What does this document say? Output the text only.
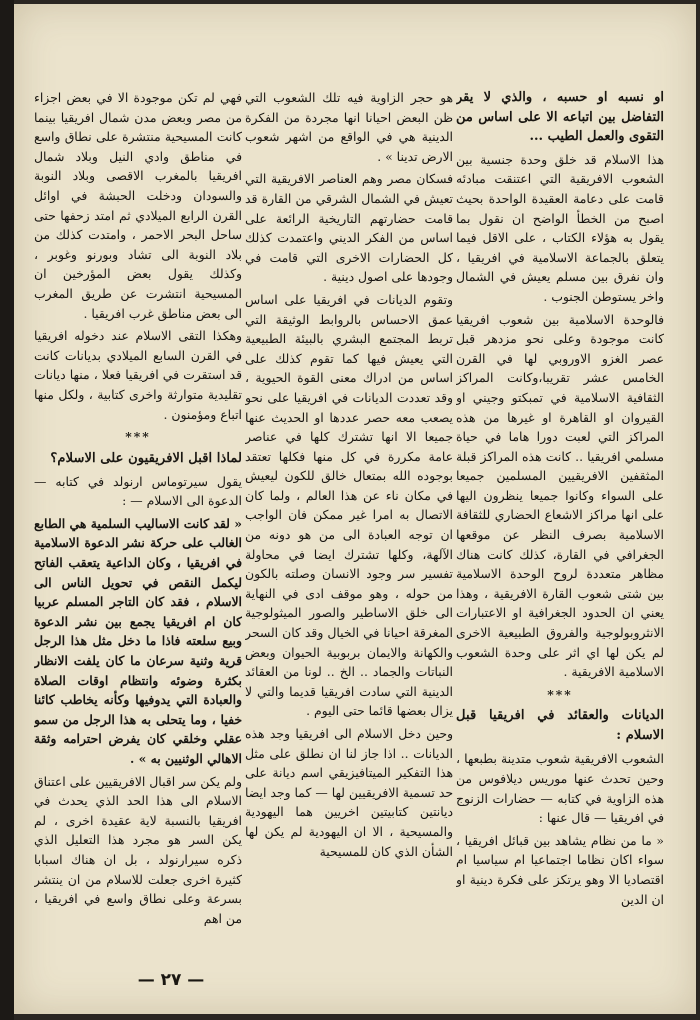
او نسبه او حسبه ، والذي لا يقر التفاضل بين اتباعه الا على اساس من التقوى والعمل الطيب ...

هذا الاسلام قد خلق وحدة جنسية بين الشعوب الافريقية التي اعتنقت مبادئه قامت على دعامة العقيدة الواحدة بحيث اصبح من الخطأ الواضح ان نقول بما يقول به هؤلاء الكتاب ، على الاقل فيما يتعلق بالجماعة الاسلامية في افريقيا ، وان نفرق بين مسلم يعيش في الشمال واخر يستوطن الجنوب .

فالوحدة الاسلامية بين شعوب افريقيا كانت موجودة وعلى نحو مزدهر قبل عصر الغزو الاوروبي لها في القرن الخامس عشر تقريبا،وكانت المراكز الثقافية الاسلامية في تمبكتو وجيني او القيروان او القاهرة او غيرها من هذه المراكز التي لعبت دورا هاما في حياة مسلمي افريقيا .. كانت هذه المراكز قبلة المثقفين الافريقيين المسلمين جميعا على السواء وكانوا جميعا ينظرون اليها على انها مراكز الاشعاع الحضاري للثقافة الاسلامية بصرف النظر عن موقعها الجغرافي في القارة، كذلك كانت هناك مظاهر متعددة لروح الوحدة الاسلامية بين شتى شعوب القارة الافريقية ، وهذا يعني ان الحدود الجغرافية او الاعتبارات الانثروبولوجية والفروق الطبيعية الاخرى لم يكن لها اي اثر على وحدة الشعوب الاسلامية الافريقية .

***
الديانات والعقائد في افريقيا قبل الاسلام :

الشعوب الافريقية شعوب متدينة بطبعها ، وحين تحدث عنها موريس ديلافوس من هذه الزاوية في كتابه — حضارات الزنوج في افريقيا — قال عنها :

« ما من نظام يشاهد بين قبائل افريقيا ، سواء اكان نظاما اجتماعيا ام سياسيا ام اقتصاديا الا وهو يرتكز على فكرة دينية او ان الدين

هو حجر الزاوية فيه تلك الشعوب التي ظن البعض احيانا انها مجردة من الفكرة الدينية هي في الواقع من اشهر شعوب الارض تدينا » .

فسكان مصر وهم العناصر الافريقية التي تعيش في الشمال الشرقي من القارة قد قامت حضارتهم التاريخية الرائعة على اساس من الفكر الديني واعتمدت كذلك كل الحضارات الاخرى التي قامت في وجودها على اصول دينية .

وتقوم الديانات في افريقيا على اساس عمق الاحساس بالروابط الوثيقة التي تربط المجتمع البشري بالبيئة الطبيعية التي يعيش فيها كما تقوم كذلك على اساس من ادراك معنى القوة الحيوية ، وقد تعددت الديانات في افريقيا على نحو يصعب معه حصر عددها او الحديث عنها جميعا الا انها تشترك كلها في عناصر عامة مكررة في كل منها فكلها تعتقد بوجوده الله بمتعال خالق للكون ليعيش في مكان ناء عن هذا العالم ، ولما كان الاتصال به امرا غير ممكن فان الواجب ان توجه العبادة الى من هو دونه من الآلهة، وكلها تشترك ايضا في محاولة تفسير سر وجود الانسان وصلته بالكون من حوله ، وهو موقف ادى في النهاية الى خلق الاساطير والصور الميثولوجية المغرقة احيانا في الخيال وقد كان السحر والكهانة والايمان بربوبية الحيوان وبعض النباتات والجماد .. الخ .. لونا من العقائد الدينية التي سادت افريقيا قديما والتي لا يزال بعضها قائما حتى اليوم .

وحين دخل الاسلام الى افريقيا وجد هذه الديانات .. اذا جاز لنا ان نطلق على مثل هذا التفكير الميتافيزيقي اسم ديانة على حد تسمية الافريقيين لها — كما وجد ايضا ديانتين كتابيتين اخريين هما اليهودية والمسيحية ، الا ان اليهودية لم يكن لها الشأن الذي كان للمسيحية

فهي لم تكن موجودة الا في بعض اجزاء من مصر وبعض مدن شمال افريقيا بينما كانت المسيحية منتشرة على نطاق واسع في مناطق وادي النيل وبلاد شمال افريقيا بالمغرب الاقصى وبلاد النوبة والسودان ودخلت الحبشة في اوائل القرن الرابع الميلادي ثم امتد زحفها حتى ساحل البحر الاحمر ، وامتدت كذلك من بلاد النوبة الى تشاد وبورنو وغوبر ، وكذلك يقول بعض المؤرخين ان المسيحية انتشرت عن طريق المغرب الى بعض مناطق غرب افريقيا .

وهكذا التقى الاسلام عند دخوله افريقيا في القرن السابع الميلادي بديانات كانت قد استقرت في افريقيا فعلا ، منها ديانات تقليدية متوارثة واخرى كتابية ، ولكل منها اتباع ومؤمنون .

***
لماذا اقبل الافريقيون على الاسلام؟

يقول سيرتوماس ارنولد في كتابه — الدعوة الى الاسلام — :

« لقد كانت الاساليب السلمية هي الطابع الغالب على حركة نشر الدعوة الاسلامية في افريقيا ، وكان الداعية يتعقب الفاتح ليكمل النقص في تحويل الناس الى الاسلام ، فقد كان التاجر المسلم عربيا كان ام افريقيا يجمع بين نشر الدعوة وبيع سلعته فاذا ما دخل مثل هذا الرجل قرية وثنية سرعان ما كان يلفت الانظار بكثرة وضوئه وانتظام اوقات الصلاة والعبادة التي يدوفيها وكأنه يخاطب كائنا خفيا ، وما يتحلى به هذا الرجل من سمو عقلي وخلقي كان يفرض احترامه وثقة الاهالي الوثنيين به » .

ولم يكن سر اقبال الافريقيين على اعتناق الاسلام الى هذا الحد الذي يحدث في افريقيا بالنسبة لاية عقيدة اخرى ، لم يكن السر هو مجرد هذا التعليل الذي ذكره سيرارنولد ، بل ان هناك اسبابا كثيرة اخرى جعلت للاسلام من ان ينتشر بسرعة وعلى نطاق واسع في افريقيا ، من اهم

— ٢٧ —
